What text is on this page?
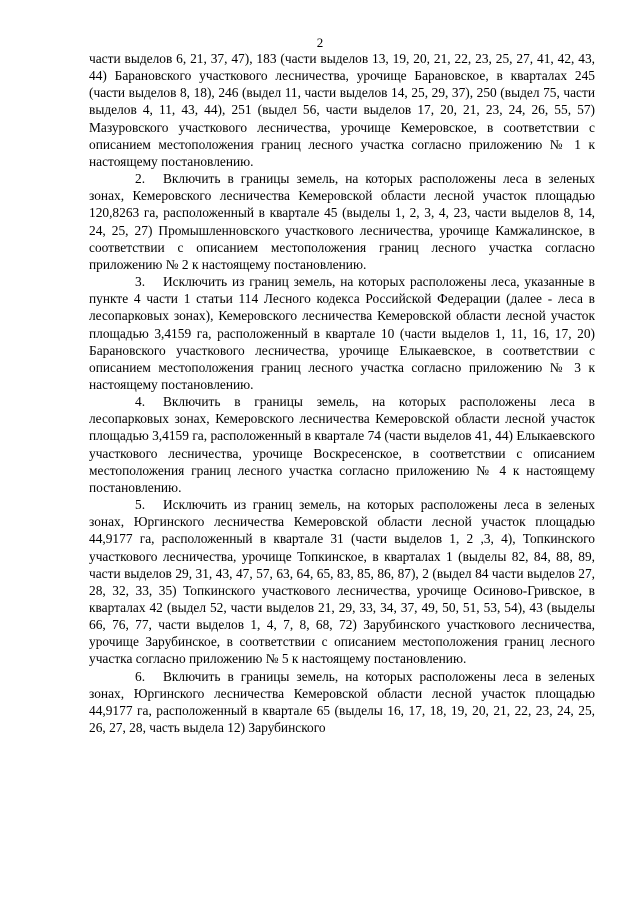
2

части выделов 6, 21, 37, 47), 183 (части выделов 13, 19, 20, 21, 22, 23, 25, 27, 41, 42, 43, 44) Барановского участкового лесничества, урочище Барановское, в кварталах 245 (части выделов 8, 18), 246 (выдел 11, части выделов 14, 25, 29, 37), 250 (выдел 75, части выделов 4, 11, 43, 44), 251 (выдел 56, части выделов 17, 20, 21, 23, 24, 26, 55, 57) Мазуровского участкового лесничества, урочище Кемеровское, в соответствии с описанием местоположения границ лесного участка согласно приложению № 1 к настоящему постановлению.

2. Включить в границы земель, на которых расположены леса в зеленых зонах, Кемеровского лесничества Кемеровской области лесной участок площадью 120,8263 га, расположенный в квартале 45 (выделы 1, 2, 3, 4, 23, части выделов 8, 14, 24, 25, 27) Промышленновского участкового лесничества, урочище Камжалинское, в соответствии с описанием местоположения границ лесного участка согласно приложению № 2 к настоящему постановлению.

3. Исключить из границ земель, на которых расположены леса, указанные в пункте 4 части 1 статьи 114 Лесного кодекса Российской Федерации (далее - леса в лесопарковых зонах), Кемеровского лесничества Кемеровской области лесной участок площадью 3,4159 га, расположенный в квартале 10 (части выделов 1, 11, 16, 17, 20) Барановского участкового лесничества, урочище Елыкаевское, в соответствии с описанием местоположения границ лесного участка согласно приложению № 3 к настоящему постановлению.

4. Включить в границы земель, на которых расположены леса в лесопарковых зонах, Кемеровского лесничества Кемеровской области лесной участок площадью 3,4159 га, расположенный в квартале 74 (части выделов 41, 44) Елыкаевского участкового лесничества, урочище Воскресенское, в соответствии с описанием местоположения границ лесного участка согласно приложению № 4 к настоящему постановлению.

5. Исключить из границ земель, на которых расположены леса в зеленых зонах, Юргинского лесничества Кемеровской области лесной участок площадью 44,9177 га, расположенный в квартале 31 (части выделов 1, 2 ,3, 4), Топкинского участкового лесничества, урочище Топкинское, в кварталах 1 (выделы 82, 84, 88, 89, части выделов 29, 31, 43, 47, 57, 63, 64, 65, 83, 85, 86, 87), 2 (выдел 84 части выделов 27, 28, 32, 33, 35) Топкинского участкового лесничества, урочище Осиново-Гривское, в кварталах 42 (выдел 52, части выделов 21, 29, 33, 34, 37, 49, 50, 51, 53, 54), 43 (выделы 66, 76, 77, части выделов 1, 4, 7, 8, 68, 72) Зарубинского участкового лесничества, урочище Зарубинское, в соответствии с описанием местоположения границ лесного участка согласно приложению № 5 к настоящему постановлению.

6. Включить в границы земель, на которых расположены леса в зеленых зонах, Юргинского лесничества Кемеровской области лесной участок площадью 44,9177 га, расположенный в квартале 65 (выделы 16, 17, 18, 19, 20, 21, 22, 23, 24, 25, 26, 27, 28, часть выдела 12) Зарубинского
